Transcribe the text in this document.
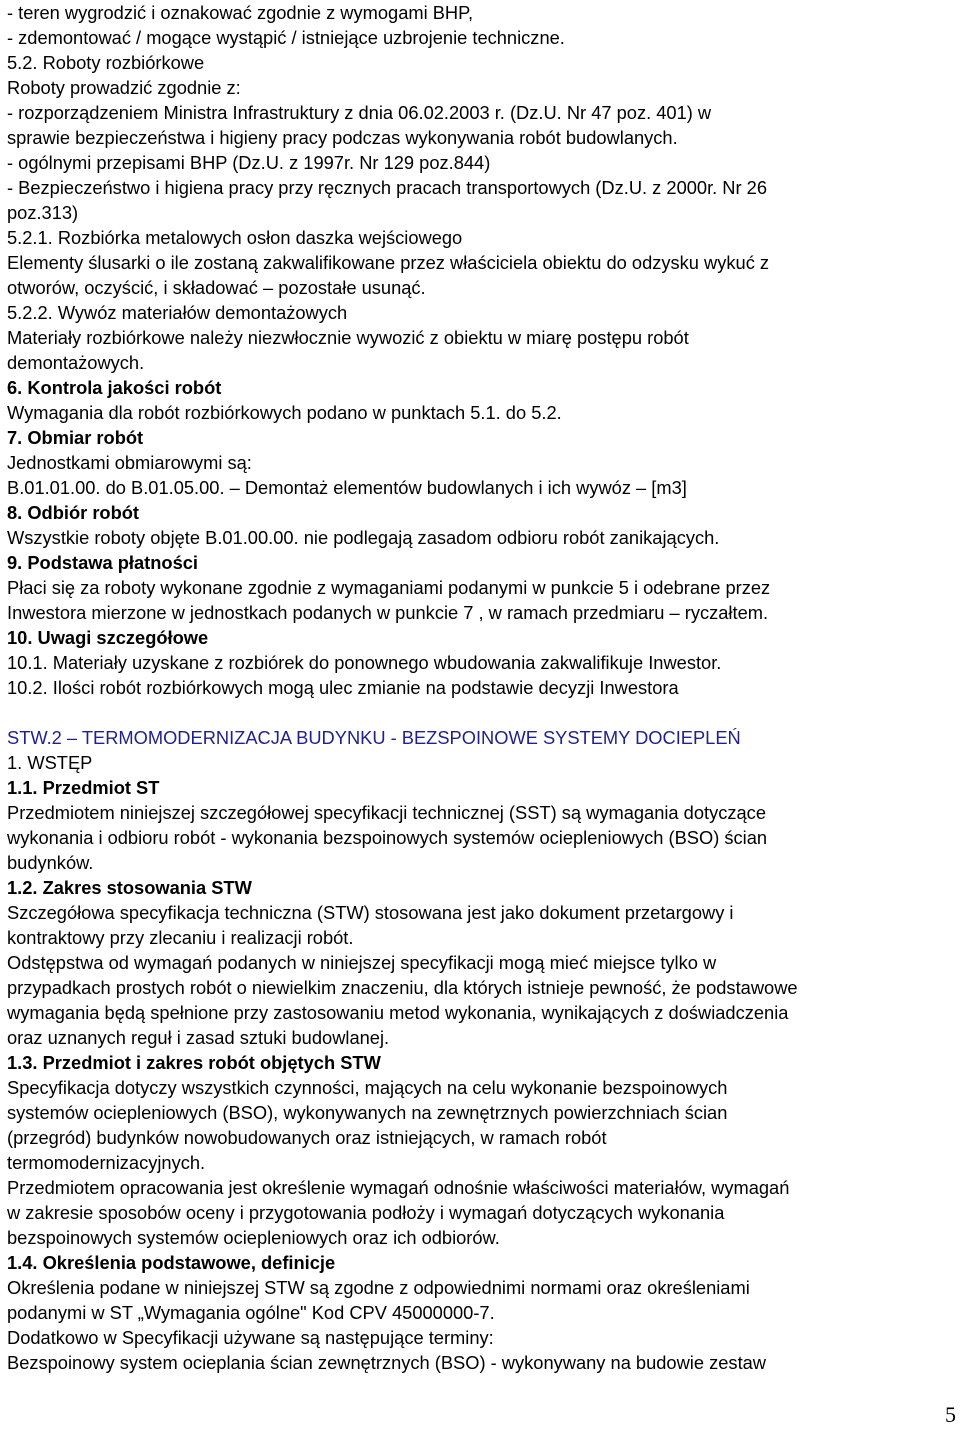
- teren wygrodzić i oznakować zgodnie z wymogami BHP,
- zdemontować / mogące wystąpić / istniejące uzbrojenie techniczne.
5.2. Roboty rozbiórkowe
Roboty prowadzić zgodnie z:
- rozporządzeniem Ministra Infrastruktury z dnia 06.02.2003 r. (Dz.U. Nr 47 poz. 401) w
sprawie bezpieczeństwa i higieny pracy podczas wykonywania robót budowlanych.
- ogólnymi przepisami BHP (Dz.U. z 1997r. Nr 129 poz.844)
- Bezpieczeństwo i higiena pracy przy ręcznych pracach transportowych (Dz.U. z 2000r. Nr 26
poz.313)
5.2.1. Rozbiórka metalowych osłon daszka wejściowego
Elementy ślusarki o ile zostaną zakwalifikowane przez właściciela obiektu do odzysku wykuć z
otworów, oczyścić, i składować – pozostałe usunąć.
5.2.2. Wywóz materiałów demontażowych
Materiały rozbiórkowe należy niezwłocznie wywozić z obiektu w miarę postępu robót
demontażowych.
6. Kontrola jakości robót
Wymagania dla robót rozbiórkowych podano w punktach 5.1. do 5.2.
7. Obmiar robót
Jednostkami obmiarowymi są:
B.01.01.00. do B.01.05.00. – Demontaż elementów budowlanych i ich wywóz – [m3]
8. Odbiór robót
Wszystkie roboty objęte B.01.00.00. nie podlegają zasadom odbioru robót zanikających.
9. Podstawa płatności
Płaci się za roboty wykonane zgodnie z wymaganiami podanymi w punkcie 5 i odebrane przez
Inwestora mierzone w jednostkach podanych w punkcie 7 , w ramach przedmiaru – ryczałtem.
10. Uwagi szczegółowe
10.1. Materiały uzyskane z rozbiórek do ponownego wbudowania zakwalifikuje Inwestor.
10.2. Ilości robót rozbiórkowych mogą ulec zmianie na podstawie decyzji Inwestora
STW.2 – TERMOMODERNIZACJA BUDYNKU - BEZSPOINOWE SYSTEMY DOCIEPLEŃ
1. WSTĘP
1.1. Przedmiot ST
Przedmiotem niniejszej szczegółowej specyfikacji technicznej (SST) są wymagania dotyczące
wykonania i odbioru robót - wykonania bezspoinowych systemów ociepleniowych (BSO) ścian
budynków.
1.2. Zakres stosowania STW
Szczegółowa specyfikacja techniczna (STW) stosowana jest jako dokument przetargowy i
kontraktowy przy zlecaniu i realizacji robót.
Odstępstwa od wymagań podanych w niniejszej specyfikacji mogą mieć miejsce tylko w
przypadkach prostych robót o niewielkim znaczeniu, dla których istnieje pewność, że podstawowe
wymagania będą spełnione przy zastosowaniu metod wykonania, wynikających z doświadczenia
oraz uznanych reguł i zasad sztuki budowlanej.
1.3. Przedmiot i zakres robót objętych STW
Specyfikacja dotyczy wszystkich czynności, mających na celu wykonanie bezspoinowych
systemów ociepleniowych (BSO), wykonywanych na zewnętrznych powierzchniach ścian
(przegród) budynków nowobudowanych oraz istniejących, w ramach robót
termomodernizacyjnych.
Przedmiotem opracowania jest określenie wymagań odnośnie właściwości materiałów, wymagań
w zakresie sposobów oceny i przygotowania podłoży i wymagań dotyczących wykonania
bezspoinowych systemów ociepleniowych oraz ich odbiorów.
1.4. Określenia podstawowe, definicje
Określenia podane w niniejszej STW są zgodne z odpowiednimi normami oraz określeniami
podanymi w ST „Wymagania ogólne" Kod CPV 45000000-7.
Dodatkowo w Specyfikacji używane są następujące terminy:
Bezspoinowy system ocieplania ścian zewnętrznych (BSO) - wykonywany na budowie zestaw
5
